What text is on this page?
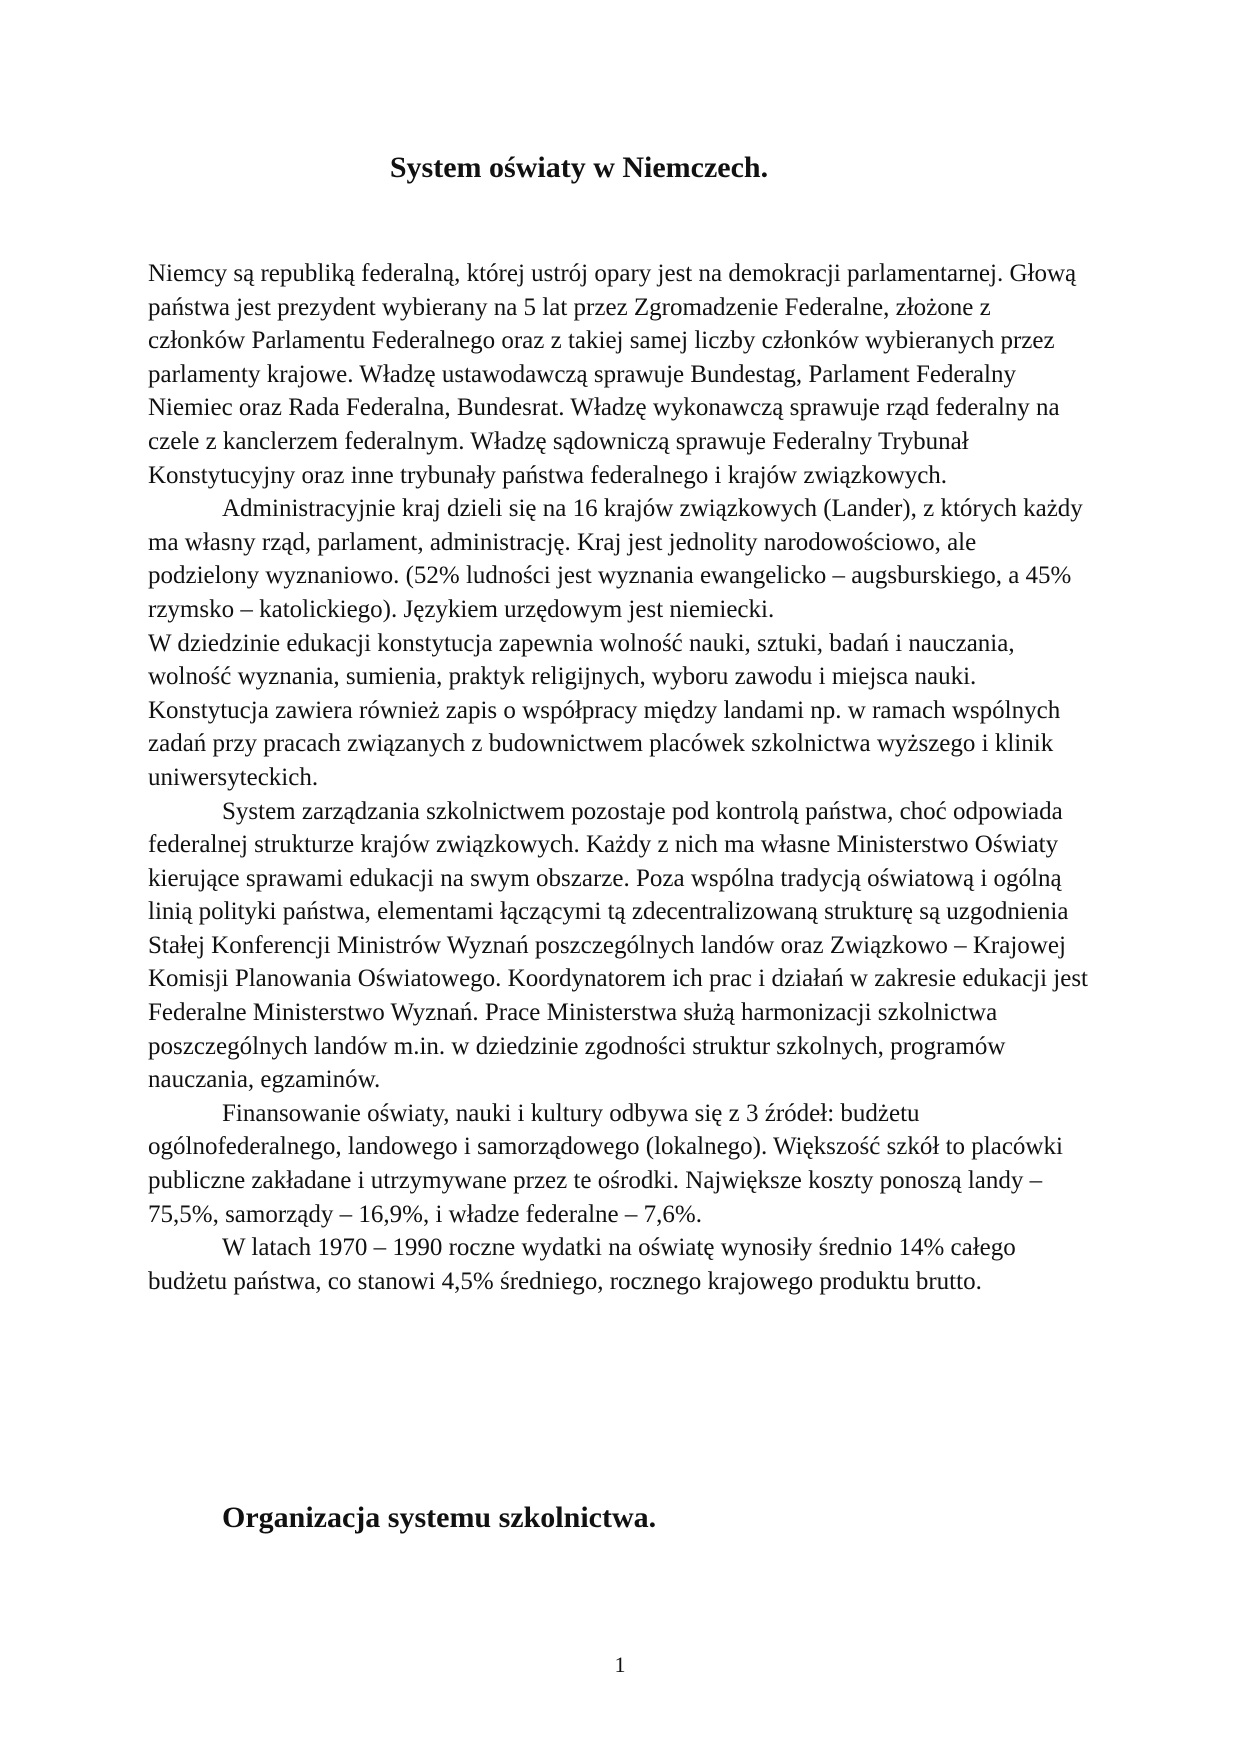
System oświaty w Niemczech.

Niemcy są republiką federalną, której ustrój opary jest na demokracji parlamentarnej. Głową państwa jest prezydent wybierany na 5 lat przez Zgromadzenie Federalne, złożone z członków Parlamentu Federalnego oraz z takiej samej liczby członków wybieranych przez parlamenty krajowe. Władzę ustawodawczą sprawuje Bundestag, Parlament Federalny Niemiec oraz Rada Federalna, Bundesrat. Władzę wykonawczą sprawuje rząd federalny na czele z kanclerzem federalnym. Władzę sądowniczą sprawuje Federalny Trybunał Konstytucyjny oraz inne trybunały państwa federalnego i krajów związkowych.

Administracyjnie kraj dzieli się na 16 krajów związkowych (Lander), z których każdy ma własny rząd, parlament, administrację. Kraj jest jednolity narodowościowo, ale podzielony wyznaniowo. (52% ludności jest wyznania ewangelicko – augsburskiego, a 45% rzymsko – katolickiego). Językiem urzędowym jest niemiecki.

W dziedzinie edukacji konstytucja zapewnia wolność nauki, sztuki, badań i nauczania, wolność wyznania, sumienia, praktyk religijnych, wyboru zawodu i miejsca nauki. Konstytucja zawiera również zapis o współpracy między landami np. w ramach wspólnych zadań przy pracach związanych z budownictwem placówek szkolnictwa wyższego i klinik uniwersyteckich.

System zarządzania szkolnictwem pozostaje pod kontrolą państwa, choć odpowiada federalnej strukturze krajów związkowych. Każdy z nich ma własne Ministerstwo Oświaty kierujące sprawami edukacji na swym obszarze. Poza wspólna tradycją oświatową i ogólną linią polityki państwa, elementami łączącymi tą zdecentralizowaną strukturę są uzgodnienia Stałej Konferencji Ministrów Wyznań poszczególnych landów oraz Związkowo – Krajowej Komisji Planowania Oświatowego. Koordynatorem ich prac i działań w zakresie edukacji jest Federalne Ministerstwo Wyznań. Prace Ministerstwa służą harmonizacji szkolnictwa poszczególnych landów m.in. w dziedzinie zgodności struktur szkolnych, programów nauczania, egzaminów.

Finansowanie oświaty, nauki i kultury odbywa się z 3 źródeł: budżetu ogólnofederalnego, landowego i samorządowego (lokalnego). Większość szkół to placówki publiczne zakładane i utrzymywane przez te ośrodki. Największe koszty ponoszą landy – 75,5%, samorządy – 16,9%, i władze federalne – 7,6%.

W latach 1970 – 1990 roczne wydatki na oświatę wynosiły średnio 14% całego budżetu państwa, co stanowi 4,5% średniego, rocznego krajowego produktu brutto.

Organizacja systemu szkolnictwa.
1
